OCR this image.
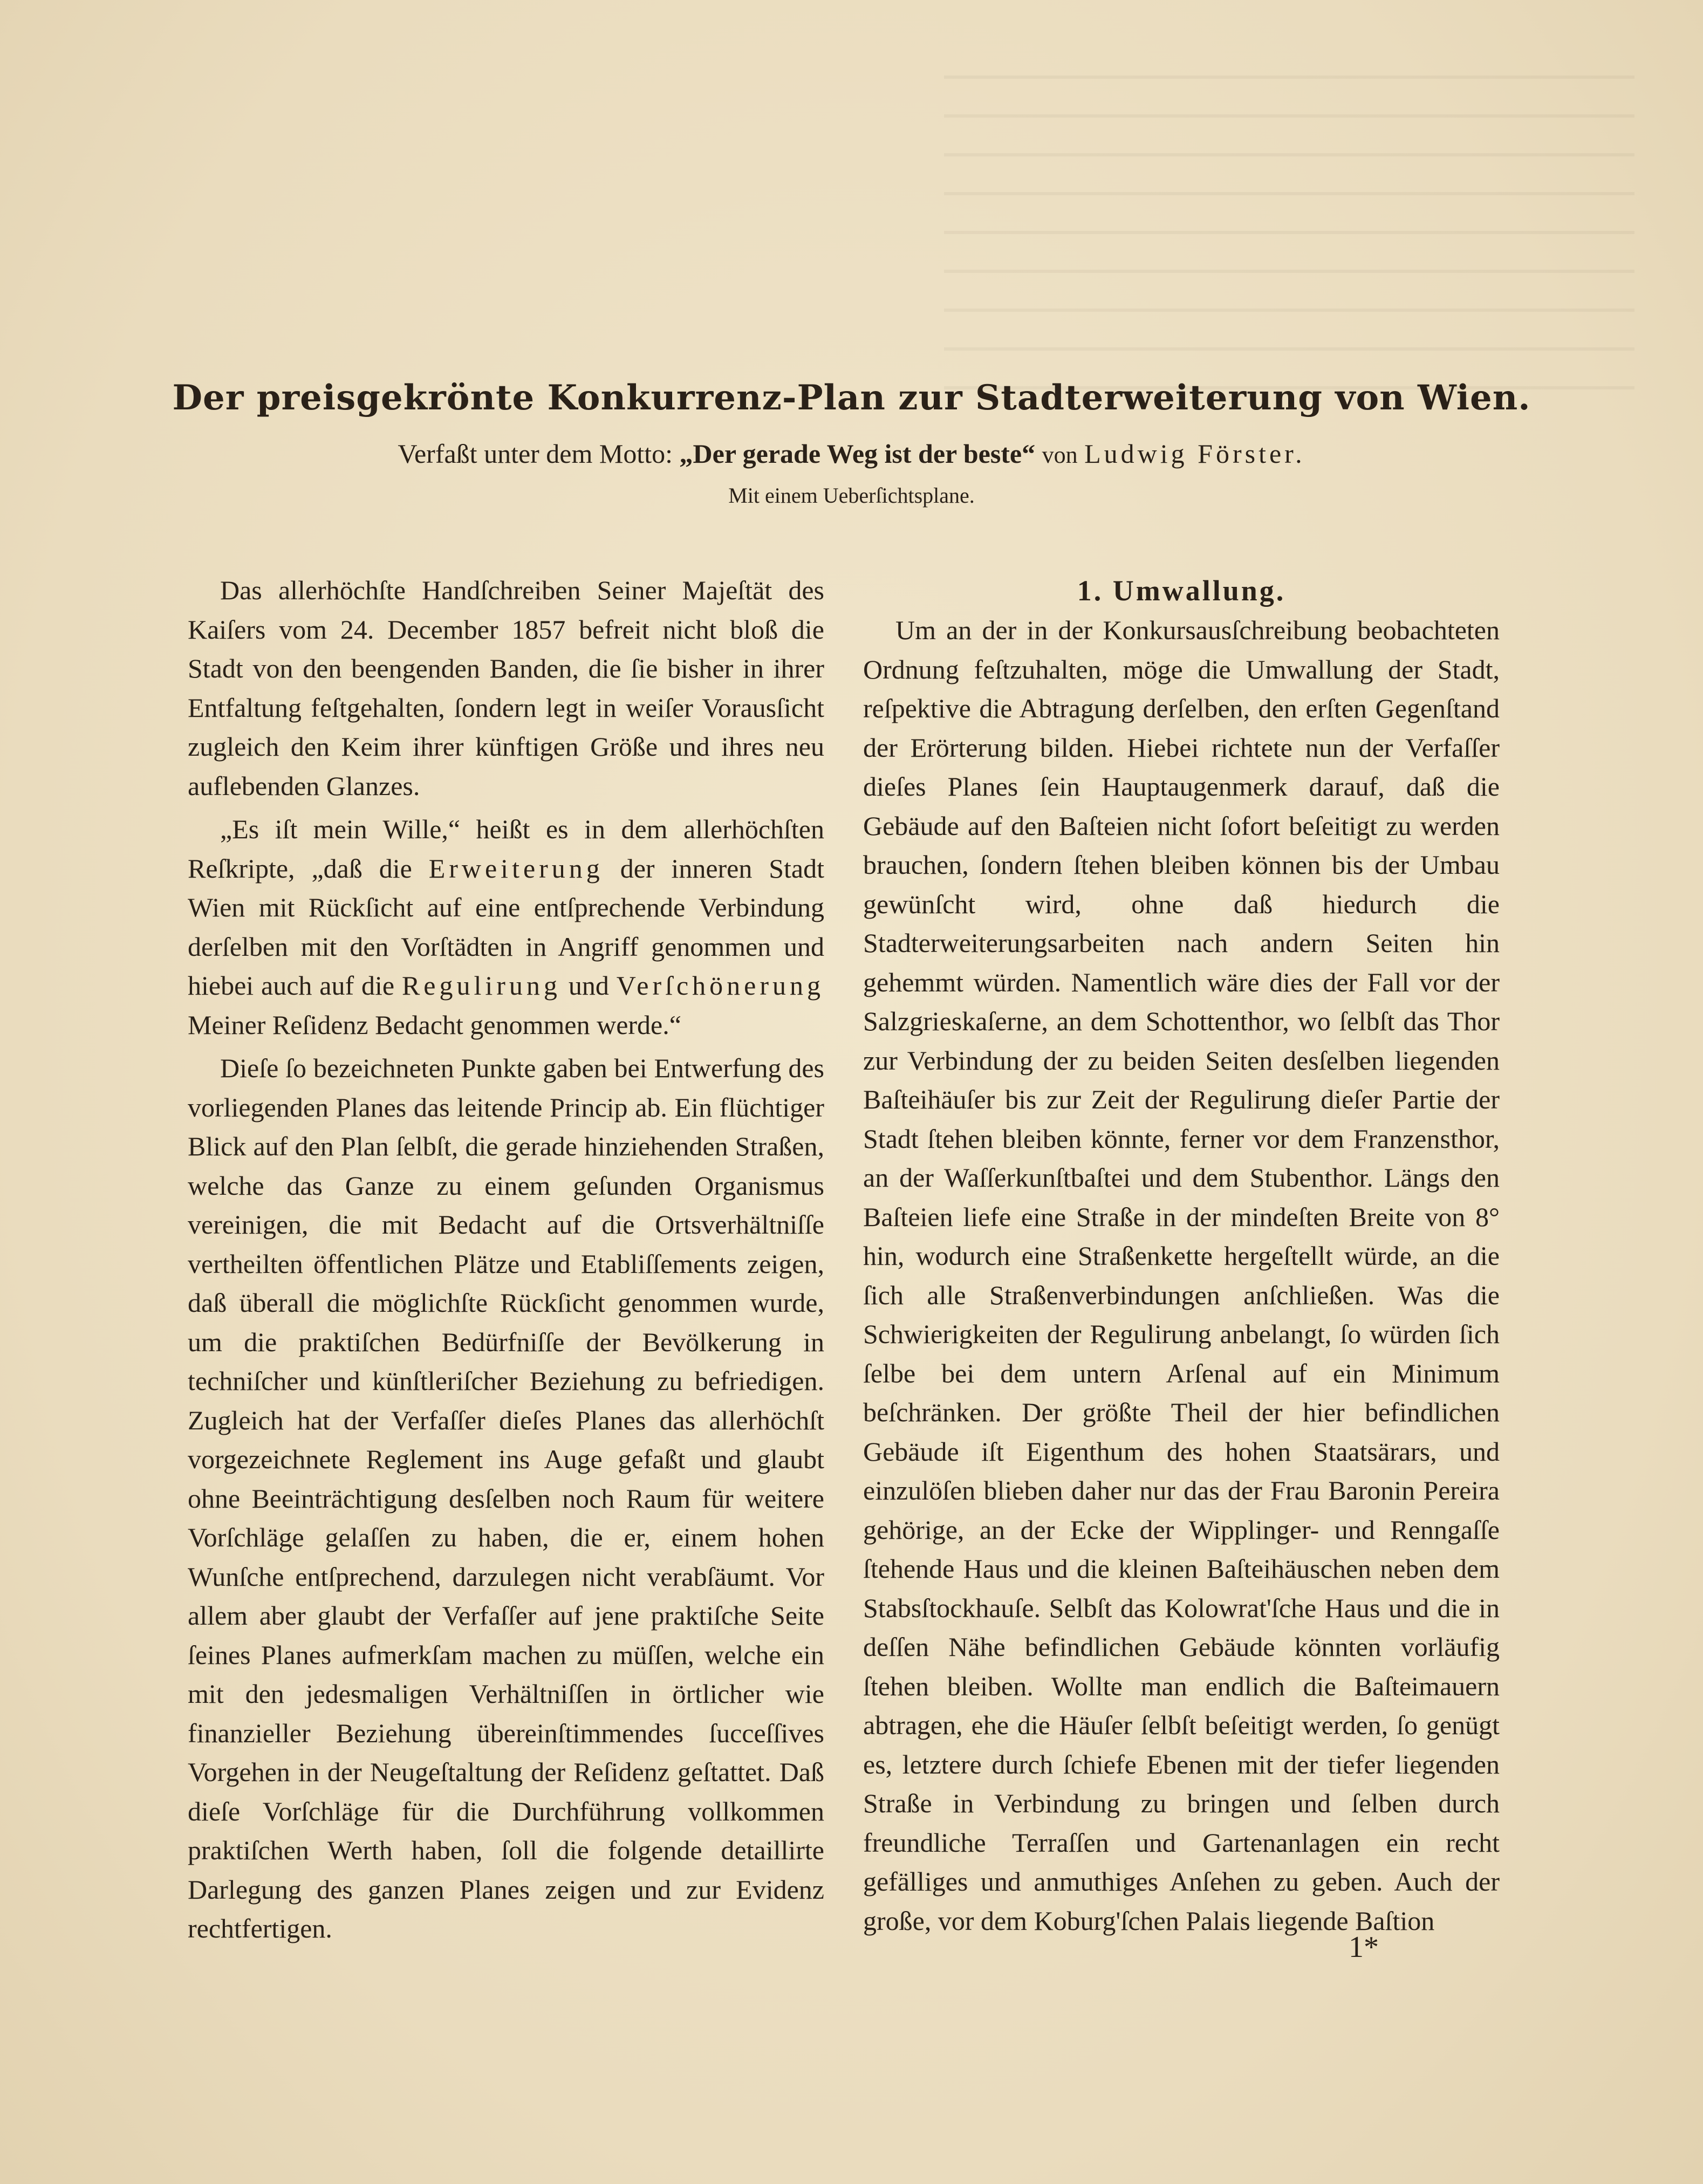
Der preisgekrönte Konkurrenz-Plan zur Stadterweiterung von Wien.

Verfaßt unter dem Motto: „Der gerade Weg ist der beste“ von Ludwig Förster.

Mit einem Ueberſichtsplane.

Das allerhöchſte Handſchreiben Seiner Majeſtät des Kaiſers vom 24. December 1857 befreit nicht bloß die Stadt von den beengenden Banden, die ſie bisher in ihrer Entfaltung feſtgehalten, ſondern legt in weiſer Vorausſicht zugleich den Keim ihrer künftigen Größe und ihres neu auflebenden Glanzes.

„Es iſt mein Wille,“ heißt es in dem allerhöchſten Reſkripte, „daß die Erweiterung der inneren Stadt Wien mit Rückſicht auf eine entſprechende Verbindung derſelben mit den Vorſtädten in Angriff genommen und hiebei auch auf die Regulirung und Verſchönerung Meiner Reſidenz Bedacht genommen werde.“

Dieſe ſo bezeichneten Punkte gaben bei Entwerfung des vorliegenden Planes das leitende Princip ab. Ein flüchtiger Blick auf den Plan ſelbſt, die gerade hinziehenden Straßen, welche das Ganze zu einem geſunden Organismus vereinigen, die mit Bedacht auf die Ortsverhältniſſe vertheilten öffentlichen Plätze und Etabliſſements zeigen, daß überall die möglichſte Rückſicht genommen wurde, um die praktiſchen Bedürfniſſe der Bevölkerung in techniſcher und künſtleriſcher Beziehung zu befriedigen. Zugleich hat der Verfaſſer dieſes Planes das allerhöchſt vorgezeichnete Reglement ins Auge gefaßt und glaubt ohne Beeinträchtigung desſelben noch Raum für weitere Vorſchläge gelaſſen zu haben, die er, einem hohen Wunſche entſprechend, darzulegen nicht verabſäumt. Vor allem aber glaubt der Verfaſſer auf jene praktiſche Seite ſeines Planes aufmerkſam machen zu müſſen, welche ein mit den jedesmaligen Verhältniſſen in örtlicher wie finanzieller Beziehung übereinſtimmendes ſucceſſives Vorgehen in der Neugeſtaltung der Reſidenz geſtattet. Daß dieſe Vorſchläge für die Durchführung vollkommen praktiſchen Werth haben, ſoll die folgende detaillirte Darlegung des ganzen Planes zeigen und zur Evidenz rechtfertigen.

1. Umwallung.

Um an der in der Konkursausſchreibung beobachteten Ordnung feſtzuhalten, möge die Umwallung der Stadt, reſpektive die Abtragung derſelben, den erſten Gegenſtand der Erörterung bilden. Hiebei richtete nun der Verfaſſer dieſes Planes ſein Hauptaugenmerk darauf, daß die Gebäude auf den Baſteien nicht ſofort beſeitigt zu werden brauchen, ſondern ſtehen bleiben können bis der Umbau gewünſcht wird, ohne daß hiedurch die Stadterweiterungsarbeiten nach andern Seiten hin gehemmt würden. Namentlich wäre dies der Fall vor der Salzgrieskaſerne, an dem Schottenthor, wo ſelbſt das Thor zur Verbindung der zu beiden Seiten desſelben liegenden Baſteihäuſer bis zur Zeit der Regulirung dieſer Partie der Stadt ſtehen bleiben könnte, ferner vor dem Franzensthor, an der Waſſerkunſtbaſtei und dem Stubenthor. Längs den Baſteien liefe eine Straße in der mindeſten Breite von 8° hin, wodurch eine Straßenkette hergeſtellt würde, an die ſich alle Straßenverbindungen anſchließen. Was die Schwierigkeiten der Regulirung anbelangt, ſo würden ſich ſelbe bei dem untern Arſenal auf ein Minimum beſchränken. Der größte Theil der hier befindlichen Gebäude iſt Eigenthum des hohen Staatsärars, und einzulöſen blieben daher nur das der Frau Baronin Pereira gehörige, an der Ecke der Wipplinger- und Renngaſſe ſtehende Haus und die kleinen Baſteihäuschen neben dem Stabsſtockhauſe. Selbſt das Kolowrat'ſche Haus und die in deſſen Nähe befindlichen Gebäude könnten vorläufig ſtehen bleiben. Wollte man endlich die Baſteimauern abtragen, ehe die Häuſer ſelbſt beſeitigt werden, ſo genügt es, letztere durch ſchiefe Ebenen mit der tiefer liegenden Straße in Verbindung zu bringen und ſelben durch freundliche Terraſſen und Gartenanlagen ein recht gefälliges und anmuthiges Anſehen zu geben. Auch der große, vor dem Koburg'ſchen Palais liegende Baſtion

1*
